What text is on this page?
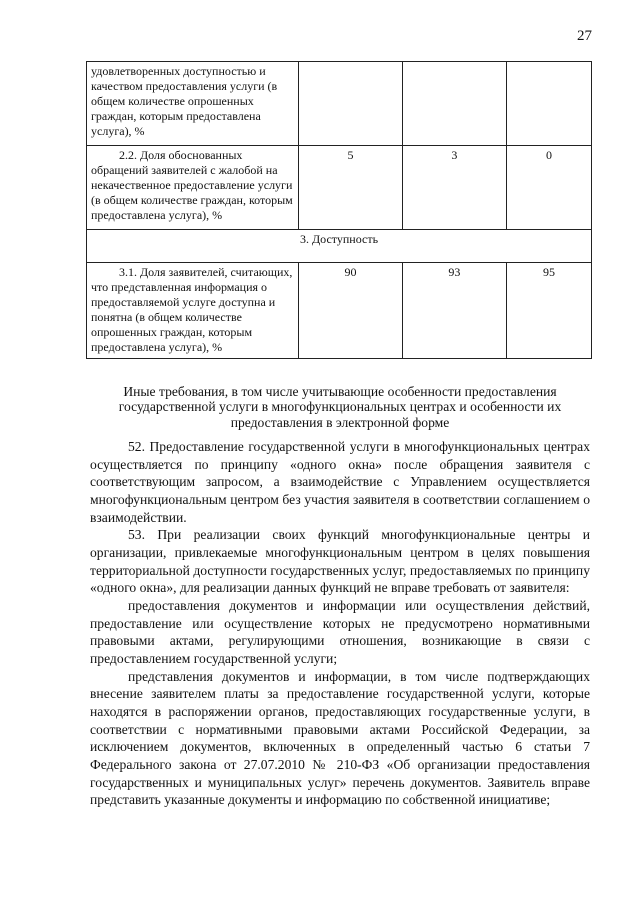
27
удовлетворенных доступностью и качеством предоставления услуги (в общем количестве опрошенных граждан, которым предоставлена услуга), %			

2.2. Доля обоснованных обращений заявителей с жалобой на некачественное предоставление услуги (в общем количестве граждан, которым предоставлена услуга), %	5	3	0
3. Доступность			

3.1. Доля заявителей, считающих, что представленная информация о предоставляемой услуге доступна и понятна (в общем количестве опрошенных граждан, которым предоставлена услуга), %	90	93	95
Иные требования, в том числе учитывающие особенности предоставления государственной услуги в многофункциональных центрах и особенности их предоставления в электронной форме

52. Предоставление государственной услуги в многофункциональных центрах осуществляется по принципу «одного окна» после обращения заявителя с соответствующим запросом, а взаимодействие с Управлением осуществляется многофункциональным центром без участия заявителя в соответствии соглашением о взаимодействии.

53. При реализации своих функций многофункциональные центры и организации, привлекаемые многофункциональным центром в целях повышения территориальной доступности государственных услуг, предоставляемых по принципу «одного окна», для реализации данных функций не вправе требовать от заявителя:

предоставления документов и информации или осуществления действий, предоставление или осуществление которых не предусмотрено нормативными правовыми актами, регулирующими отношения, возникающие в связи с предоставлением государственной услуги;

представления документов и информации, в том числе подтверждающих внесение заявителем платы за предоставление государственной услуги, которые находятся в распоряжении органов, предоставляющих государственные услуги, в соответствии с нормативными правовыми актами Российской Федерации, за исключением документов, включенных в определенный частью 6 статьи 7 Федерального закона от 27.07.2010 № 210-ФЗ «Об организации предоставления государственных и муниципальных услуг» перечень документов. Заявитель вправе представить указанные документы и информацию по собственной инициативе;
